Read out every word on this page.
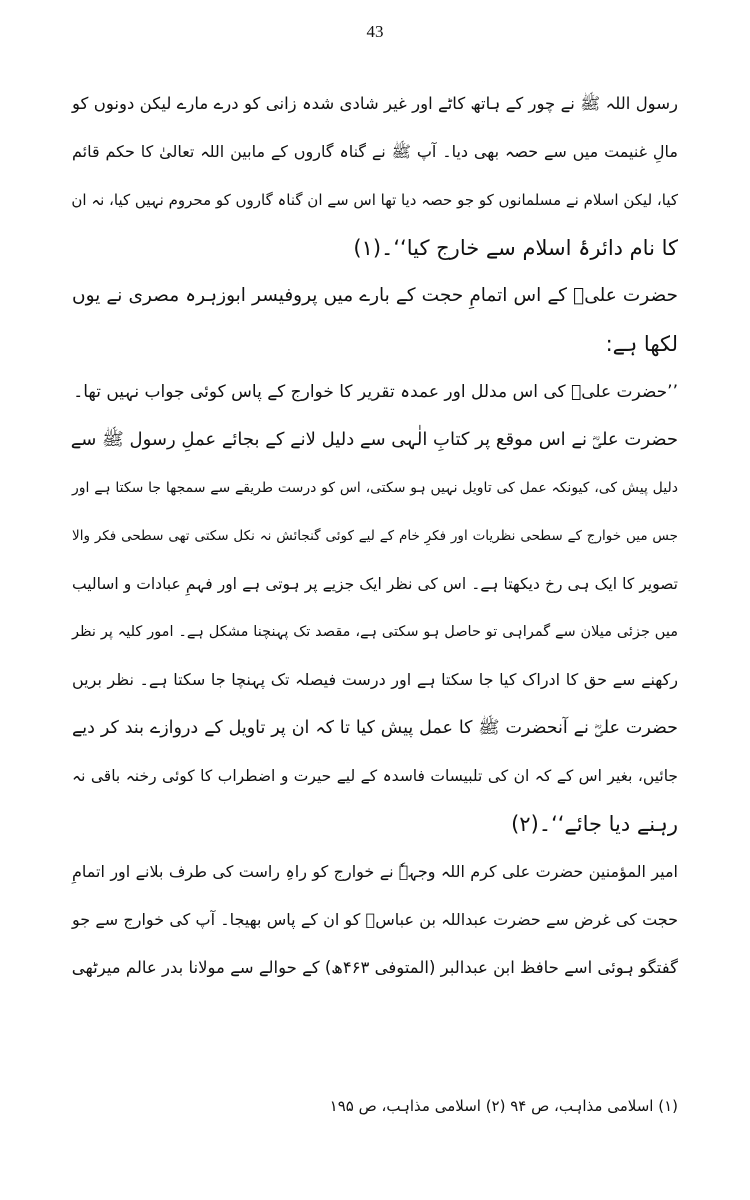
43
رسول اللہ ﷺ نے چور کے ہاتھ کاٹے اور غیر شادی شدہ زانی کو درے مارے لیکن دونوں کو
مالِ غنیمت میں سے حصہ بھی دیا۔ آپ ﷺ نے گناہ گاروں کے مابین اللہ تعالیٰ کا حکم قائم
کیا، لیکن اسلام نے مسلمانوں کو جو حصہ دیا تھا اس سے ان گناہ گاروں کو محروم نہیں کیا، نہ ان
کا نام دائرۂ اسلام سے خارج کیا‘‘۔(۱)
حضرت علیؓ کے اس اتمامِ حجت کے بارے میں پروفیسر ابوزہرہ مصری نے یوں
لکھا ہے:
’’حضرت علیؓ کی اس مدلل اور عمدہ تقریر کا خوارج کے پاس کوئی جواب نہیں تھا۔
حضرت علیؓ نے اس موقع پر کتابِ الٰہی سے دلیل لانے کے بجائے عملِ رسول ﷺ سے
دلیل پیش کی، کیونکہ عمل کی تاویل نہیں ہو سکتی، اس کو درست طریقے سے سمجھا جا سکتا ہے اور
جس میں خوارج کے سطحی نظریات اور فکرِ خام کے لیے کوئی گنجائش نہ نکل سکتی تھی سطحی فکر والا
تصویر کا ایک ہی رخ دیکھتا ہے۔ اس کی نظر ایک جزیے پر ہوتی ہے اور فہمِ عبادات و اسالیب
میں جزئی میلان سے گمراہی تو حاصل ہو سکتی ہے، مقصد تک پہنچنا مشکل ہے۔ امور کلیہ پر نظر
رکھنے سے حق کا ادراک کیا جا سکتا ہے اور درست فیصلہ تک پہنچا جا سکتا ہے۔ نظر بریں
حضرت علیؓ نے آنحضرت ﷺ کا عمل پیش کیا تا کہ ان پر تاویل کے دروازے بند کر دیے
جائیں، بغیر اس کے کہ ان کی تلبیسات فاسدہ کے لیے حیرت و اضطراب کا کوئی رخنہ باقی نہ
رہنے دیا جائے‘‘۔(۲)
امیر المؤمنین حضرت علی کرم اللہ وجہہٗ نے خوارج کو راہِ راست کی طرف بلانے اور اتمامِ
حجت کی غرض سے حضرت عبداللہ بن عباسؓ کو ان کے پاس بھیجا۔ آپ کی خوارج سے جو
گفتگو ہوئی اسے حافظ ابن عبدالبر (المتوفی ۴۶۳ھ) کے حوالے سے مولانا بدر عالم میرٹھی
(۱) اسلامی مذاہب، ص ۹۴ (۲) اسلامی مذاہب، ص ۱۹۵
